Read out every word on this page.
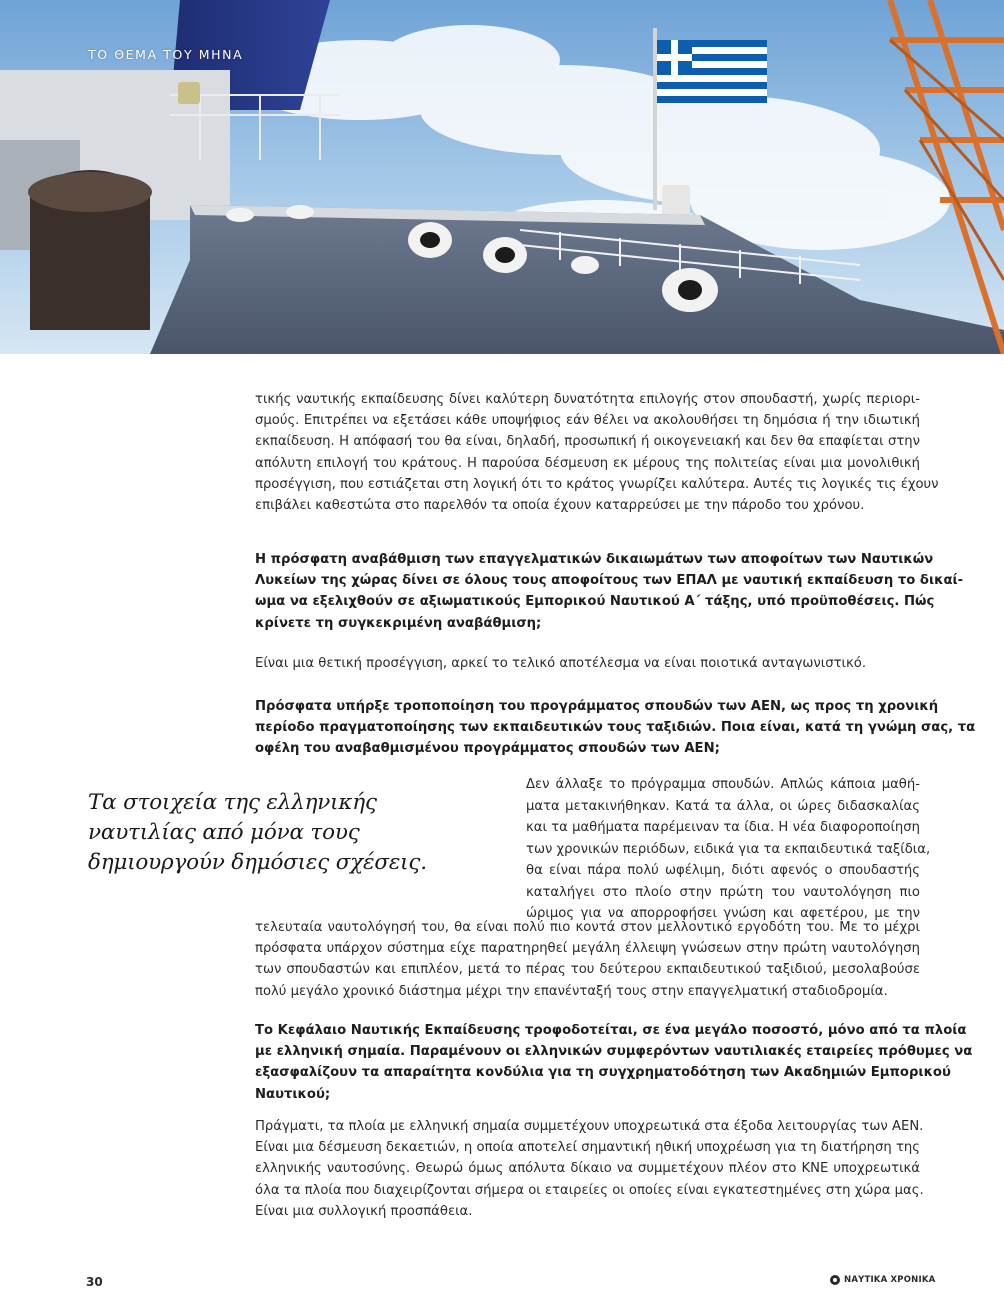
ΤΟ ΘΕΜΑ ΤΟΥ ΜΗΝΑ
τικής ναυτικής εκπαίδευσης δίνει καλύτερη δυνατότητα επιλογής στον σπουδαστή, χωρίς περιορι-
σμούς. Επιτρέπει να εξετάσει κάθε υποψήφιος εάν θέλει να ακολουθήσει τη δημόσια ή την ιδιωτική
εκπαίδευση. Η απόφασή του θα είναι, δηλαδή, προσωπική ή οικογενειακή και δεν θα επαφίεται στην
απόλυτη επιλογή του κράτους. Η παρούσα δέσμευση εκ μέρους της πολιτείας είναι μια μονολιθική
προσέγγιση, που εστιάζεται στη λογική ότι το κράτος γνωρίζει καλύτερα. Αυτές τις λογικές τις έχουν
επιβάλει καθεστώτα στο παρελθόν τα οποία έχουν καταρρεύσει με την πάροδο του χρόνου.
Η πρόσφατη αναβάθμιση των επαγγελματικών δικαιωμάτων των αποφοίτων των Ναυτικών
Λυκείων της χώρας δίνει σε όλους τους αποφοίτους των ΕΠΑΛ με ναυτική εκπαίδευση το δικαί-
ωμα να εξελιχθούν σε αξιωματικούς Εμπορικού Ναυτικού Α΄ τάξης, υπό προϋποθέσεις. Πώς
κρίνετε τη συγκεκριμένη αναβάθμιση;
Είναι μια θετική προσέγγιση, αρκεί το τελικό αποτέλεσμα να είναι ποιοτικά ανταγωνιστικό.
Πρόσφατα υπήρξε τροποποίηση του προγράμματος σπουδών των ΑΕΝ, ως προς τη χρονική
περίοδο πραγματοποίησης των εκπαιδευτικών τους ταξιδιών. Ποια είναι, κατά τη γνώμη σας, τα
οφέλη του αναβαθμισμένου προγράμματος σπουδών των ΑΕΝ;
Τα στοιχεία της ελληνικής
ναυτιλίας από μόνα τους
δημιουργούν δημόσιες σχέσεις.
Δεν άλλαξε το πρόγραμμα σπουδών. Απλώς κάποια μαθή-
ματα μετακινήθηκαν. Κατά τα άλλα, οι ώρες διδασκαλίας
και τα μαθήματα παρέμειναν τα ίδια. Η νέα διαφοροποίηση
των χρονικών περιόδων, ειδικά για τα εκπαιδευτικά ταξίδια,
θα είναι πάρα πολύ ωφέλιμη, διότι αφενός ο σπουδαστής
καταλήγει στο πλοίο στην πρώτη του ναυτολόγηση πιο
ώριμος για να απορροφήσει γνώση και αφετέρου, με την
τελευταία ναυτολόγησή του, θα είναι πολύ πιο κοντά στον μελλοντικό εργοδότη του. Με το μέχρι
πρόσφατα υπάρχον σύστημα είχε παρατηρηθεί μεγάλη έλλειψη γνώσεων στην πρώτη ναυτολόγηση
των σπουδαστών και επιπλέον, μετά το πέρας του δεύτερου εκπαιδευτικού ταξιδιού, μεσολαβούσε
πολύ μεγάλο χρονικό διάστημα μέχρι την επανένταξή τους στην επαγγελματική σταδιοδρομία.
Το Κεφάλαιο Ναυτικής Εκπαίδευσης τροφοδοτείται, σε ένα μεγάλο ποσοστό, μόνο από τα πλοία
με ελληνική σημαία. Παραμένουν οι ελληνικών συμφερόντων ναυτιλιακές εταιρείες πρόθυμες να
εξασφαλίζουν τα απαραίτητα κονδύλια για τη συγχρηματοδότηση των Ακαδημιών Εμπορικού
Ναυτικού;
Πράγματι, τα πλοία με ελληνική σημαία συμμετέχουν υποχρεωτικά στα έξοδα λειτουργίας των ΑΕΝ.
Είναι μια δέσμευση δεκαετιών, η οποία αποτελεί σημαντική ηθική υποχρέωση για τη διατήρηση της
ελληνικής ναυτοσύνης. Θεωρώ όμως απόλυτα δίκαιο να συμμετέχουν πλέον στο ΚΝΕ υποχρεωτικά
όλα τα πλοία που διαχειρίζονται σήμερα οι εταιρείες οι οποίες είναι εγκατεστημένες στη χώρα μας.
Είναι μια συλλογική προσπάθεια.
30	ΝΑΥΤΙΚΑ ΧΡΟΝΙΚΑ
